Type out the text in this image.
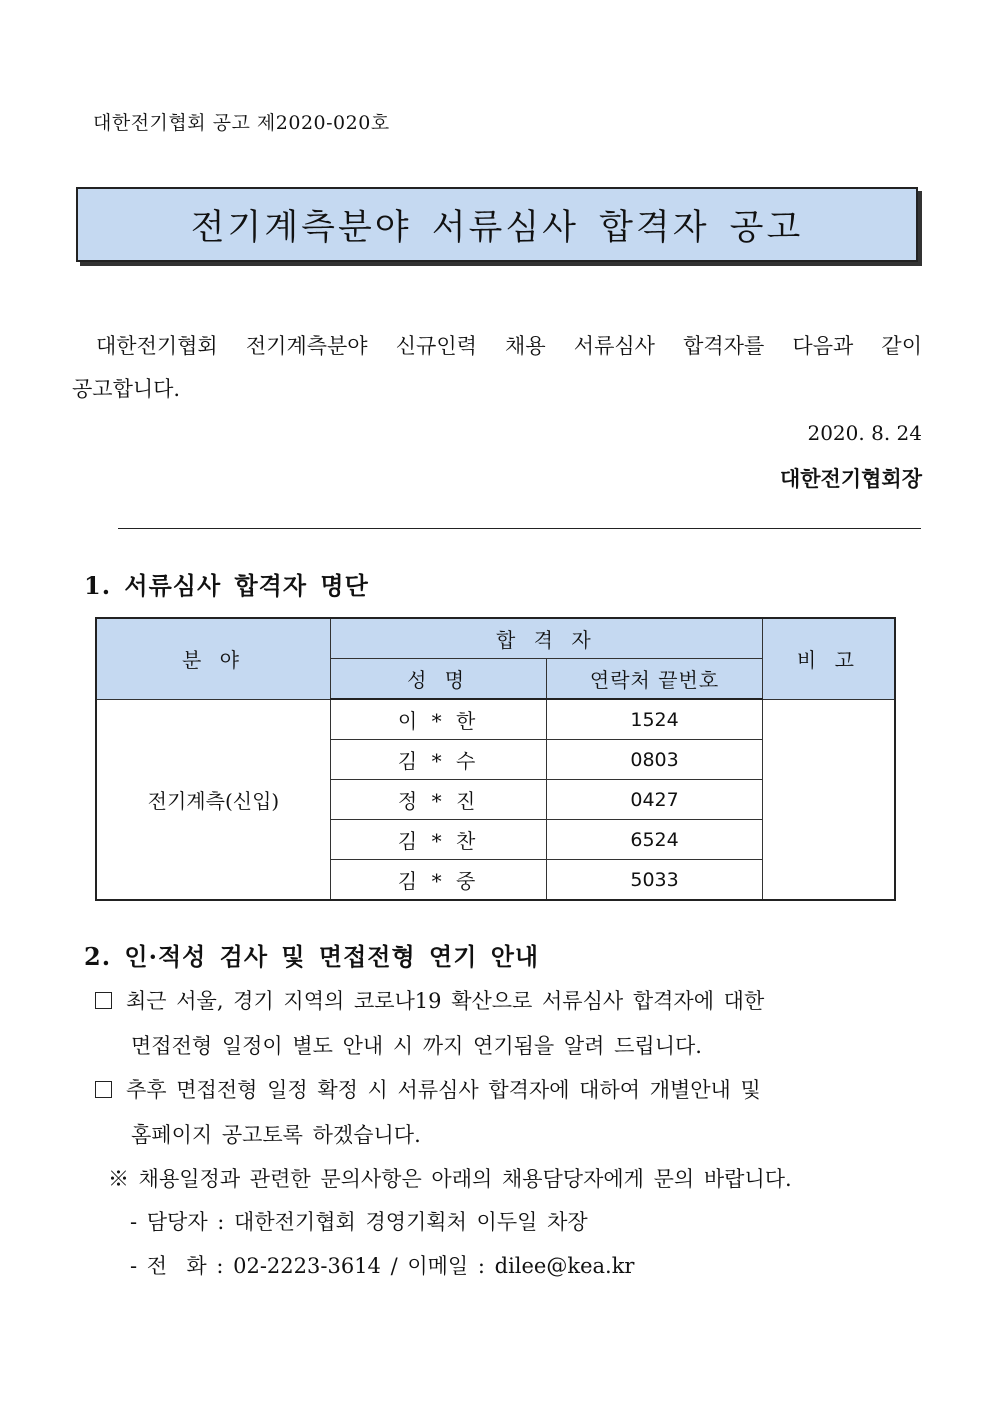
대한전기협회 공고 제2020-020호
전기계측분야 서류심사 합격자 공고
대한전기협회 전기계측분야 신규인력 채용 서류심사 합격자를 다음과 같이
공고합니다.
2020. 8. 24
대한전기협회장
1. 서류심사 합격자 명단
분 야	합 격 자		비 고
	성 명	연락처 끝번호	
전기계측(신입)	이 * 한	1524	
	김 * 수	0803	
	정 * 진	0427	
	김 * 찬	6524	
	김 * 중	5033	
2. 인·적성 검사 및 면접전형 연기 안내
최근 서울, 경기 지역의 코로나19 확산으로 서류심사 합격자에 대한
면접전형 일정이 별도 안내 시 까지 연기됨을 알려 드립니다.
추후 면접전형 일정 확정 시 서류심사 합격자에 대하여 개별안내 및
홈페이지 공고토록 하겠습니다.
※ 채용일정과 관련한 문의사항은 아래의 채용담당자에게 문의 바랍니다.
- 담당자 : 대한전기협회 경영기획처 이두일 차장
- 전  화 : 02-2223-3614 / 이메일 : dilee@kea.kr
